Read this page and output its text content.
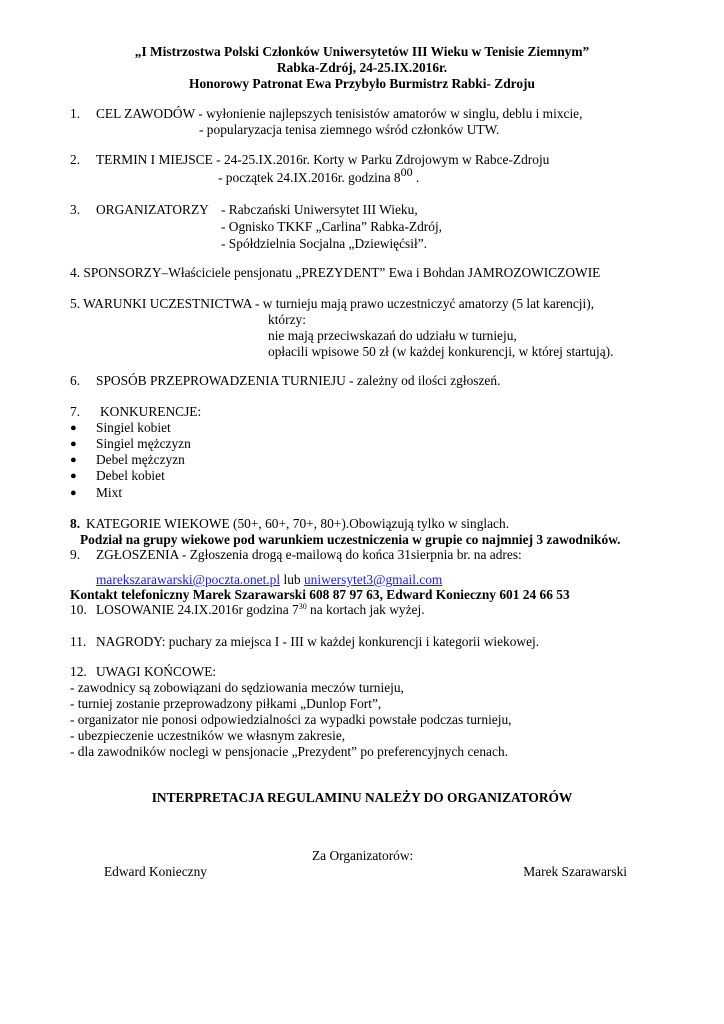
„I Mistrzostwa Polski Członków Uniwersytetów III Wieku w Tenisie Ziemnym”
Rabka-Zdrój, 24-25.IX.2016r.
Honorowy Patronat Ewa Przybyło Burmistrz Rabki- Zdroju
1. CEL ZAWODÓW - wyłonienie najlepszych tenisistów amatorów w singlu, deblu i mixcie,
- popularyzacja tenisa ziemnego wśród członków UTW.
2. TERMIN I MIEJSCE - 24-25.IX.2016r. Korty w Parku Zdrojowym w Rabce-Zdroju
- początek 24.IX.2016r. godzina 800 .
3. ORGANIZATORZY - Rabczański Uniwersytet III Wieku,
- Ognisko TKKF „Carlina” Rabka-Zdrój,
- Spółdzielnia Socjalna „Dziewięćsił”.
4. SPONSORZY–Właściciele pensjonatu „PREZYDENT” Ewa i Bohdan JAMROZOWICZOWIE
5. WARUNKI UCZESTNICTWA - w turnieju mają prawo uczestniczyć amatorzy (5 lat karencji),
którzy:
nie mają przeciwskazań do udziału w turnieju,
opłacili wpisowe 50 zł (w każdej konkurencji, w której startują).
6. SPOSÓB PRZEPROWADZENIA TURNIEJU - zależny od ilości zgłoszeń.
7. KONKURENCJE:
● Singiel kobiet
● Singiel mężczyzn
● Debel mężczyzn
● Debel kobiet
● Mixt
8. KATEGORIE WIEKOWE (50+, 60+, 70+, 80+).Obowiązują tylko w singlach.
Podział na grupy wiekowe pod warunkiem uczestniczenia w grupie co najmniej 3 zawodników.
9. ZGŁOSZENIA - Zgłoszenia drogą e-mailową do końca 31sierpnia br. na adres:
marekszarawarski@poczta.onet.pl lub uniwersytet3@gmail.com
Kontakt telefoniczny Marek Szarawarski 608 87 97 63, Edward Konieczny 601 24 66 53
10. LOSOWANIE 24.IX.2016r godzina $7^{30}$ na kortach jak wyżej.
11. NAGRODY: puchary za miejsca I - III w każdej konkurencji i kategorii wiekowej.
12. UWAGI KOŃCOWE:
- zawodnicy są zobowiązani do sędziowania meczów turnieju,
- turniej zostanie przeprowadzony piłkami „Dunlop Fort”,
- organizator nie ponosi odpowiedzialności za wypadki powstałe podczas turnieju,
- ubezpieczenie uczestników we własnym zakresie,
- dla zawodników noclegi w pensjonacie „Prezydent” po preferencyjnych cenach.
INTERPRETACJA REGULAMINU NALEŻY DO ORGANIZATORÓW
Za Organizatorów:
Edward Konieczny	Marek Szarawarski
